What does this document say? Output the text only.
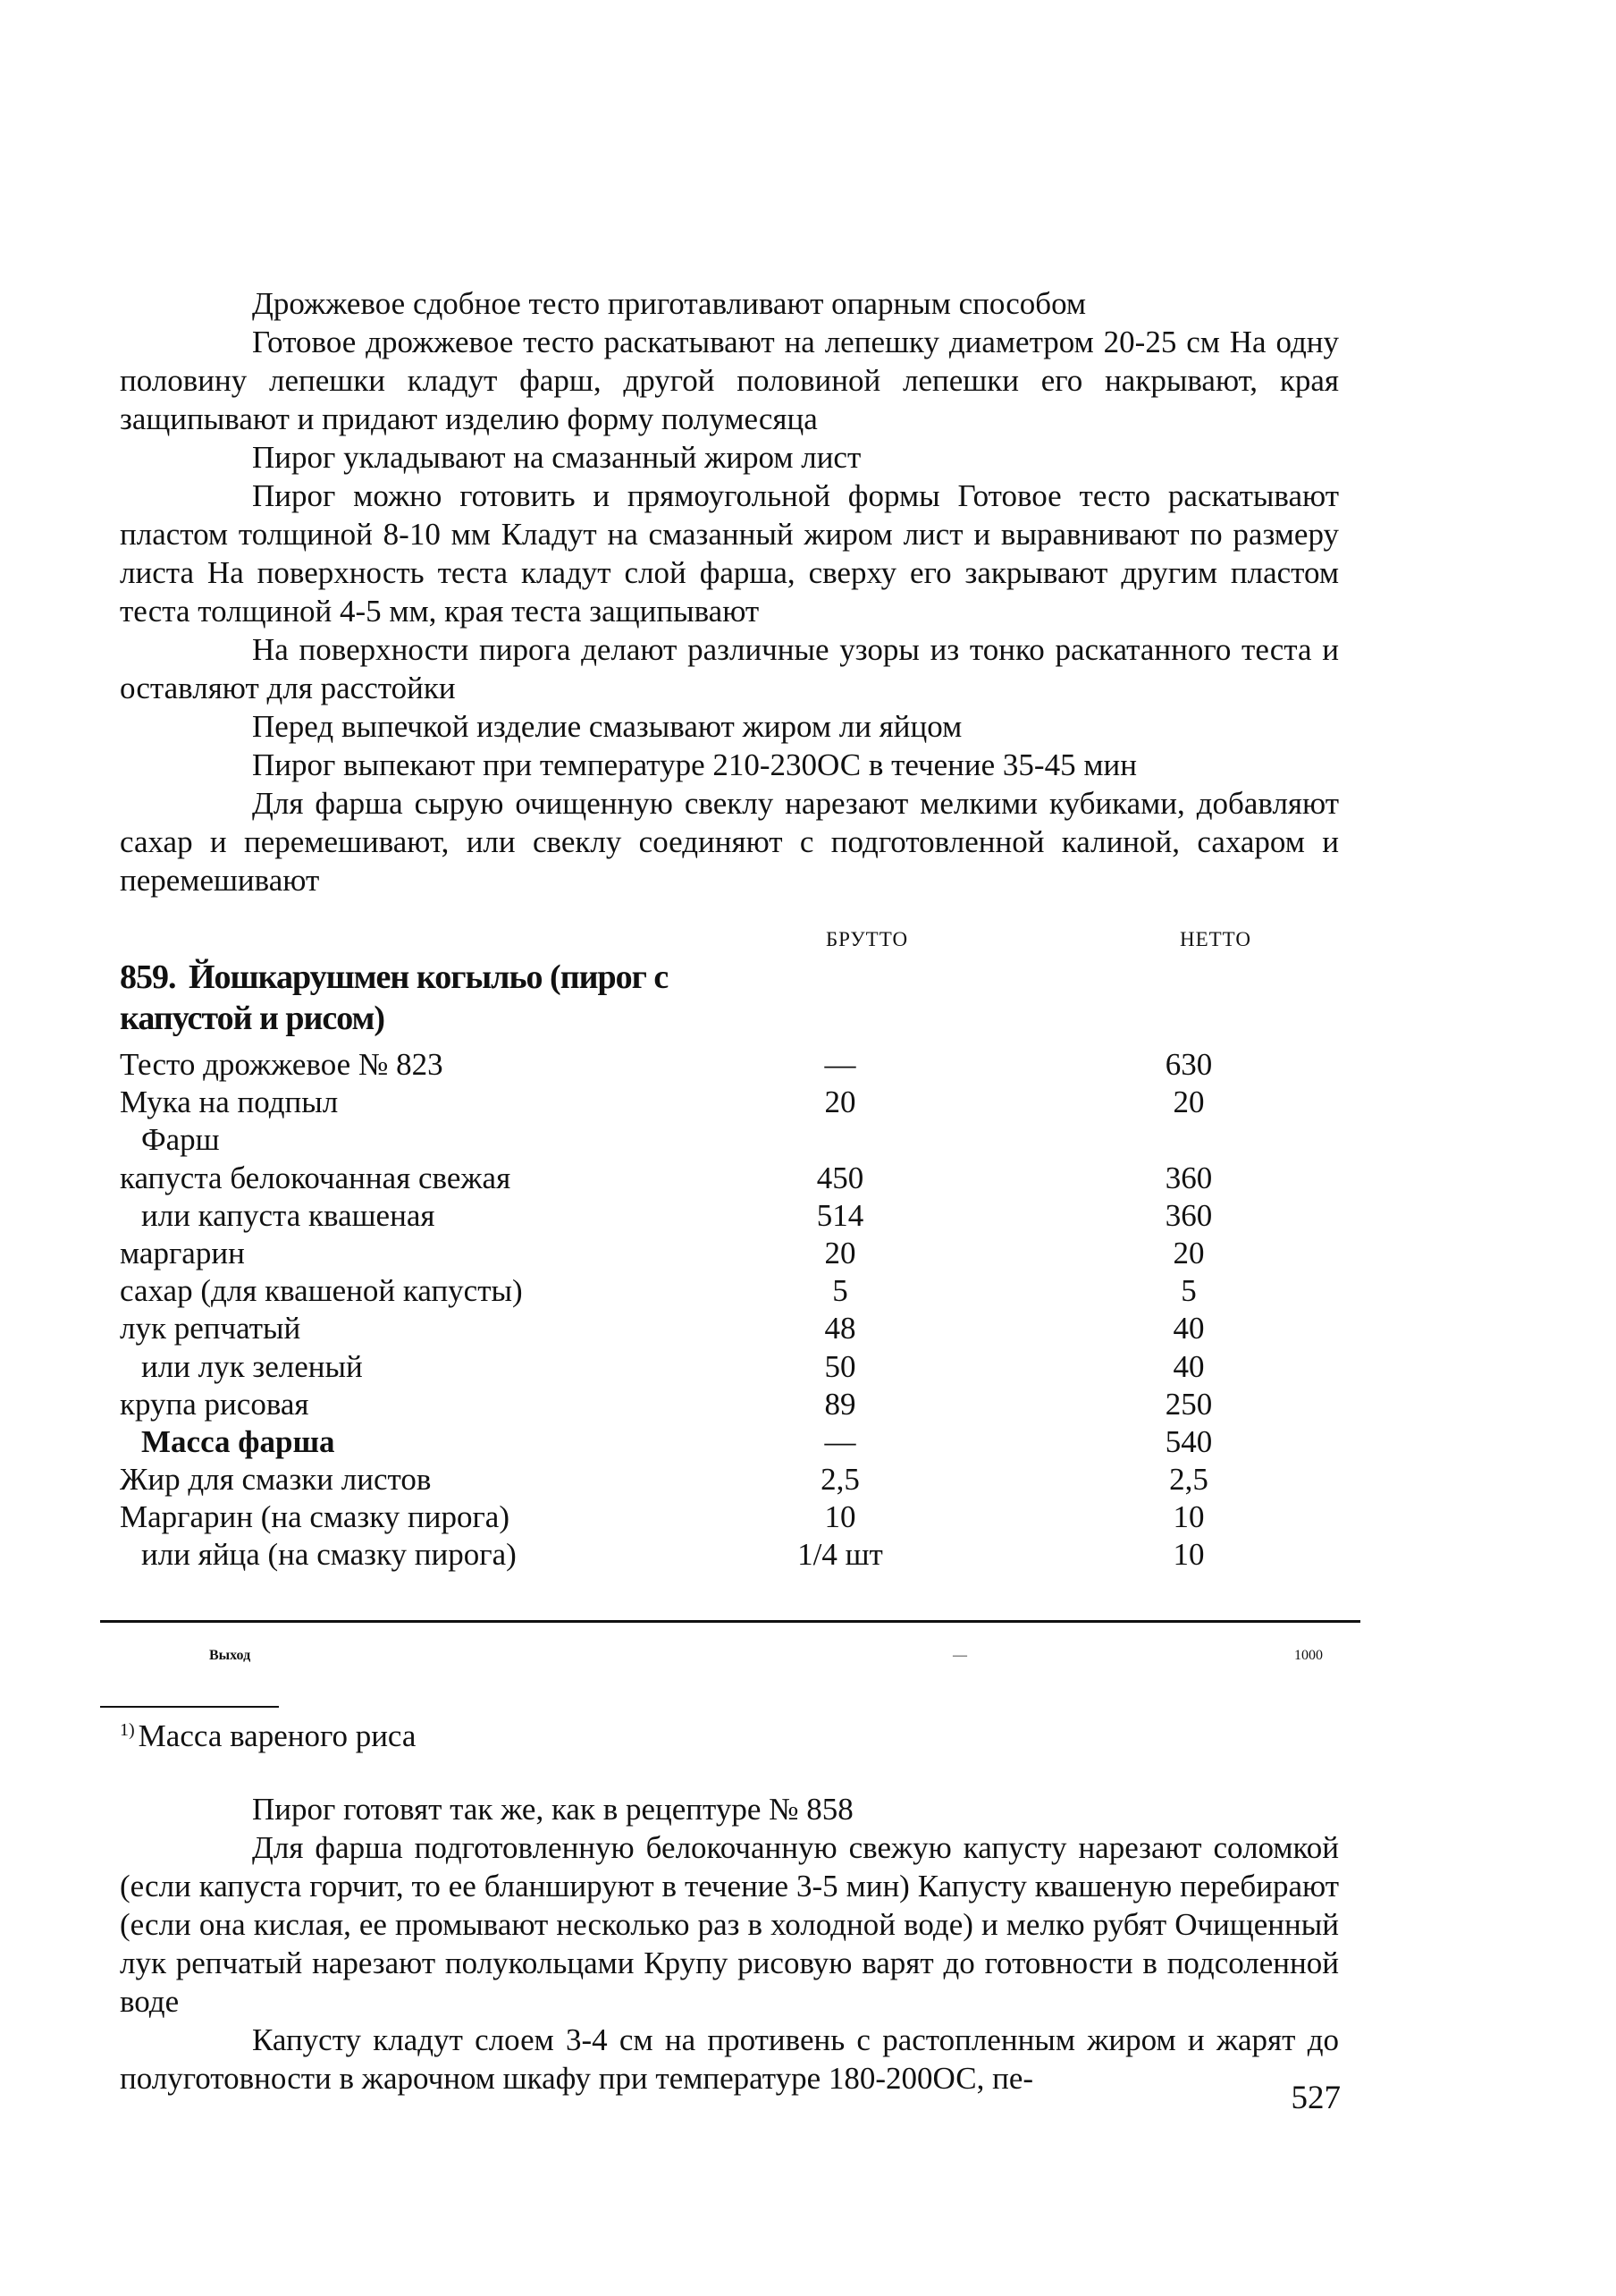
Дрожжевое сдобное тесто приготавливают опарным способом

Готовое дрожжевое тесто раскатывают на лепешку диаметром 20-25 см На одну половину лепешки кладут фарш, другой половиной лепешки его накрывают, края защипывают и придают изделию форму полумесяца

Пирог укладывают на смазанный жиром лист

Пирог можно готовить и прямоугольной формы Готовое тесто раскатывают пластом толщиной 8-10 мм Кладут на смазанный жиром лист и выравнивают по размеру листа На поверхность теста кладут слой фарша, сверху его закрывают другим пластом теста толщиной 4-5 мм, края теста защипывают

На поверхности пирога делают различные узоры из тонко раскатанного теста и оставляют для расстойки

Перед выпечкой изделие смазывают жиром ли яйцом

Пирог выпекают при температуре 210-230ОС в течение 35-45 мин

Для фарша сырую очищенную свеклу нарезают мелкими кубиками, добавляют сахар и перемешивают, или свеклу соединяют с подготовленной калиной, сахаром и перемешивают

БРУТТО	НЕТТО
859. Йошкарушмен когыльо (пирог с капустой и рисом)
Тесто дрожжевое № 823	—	630
Мука на подпыл	20	20
Фарш
капуста белокочанная свежая	450	360
или капуста квашеная	514	360
маргарин	20	20
сахар (для квашеной капусты)	5	5
лук репчатый	48	40
или лук зеленый	50	40
крупа рисовая	89	250
Масса фарша	—	540
Жир для смазки листов	2,5	2,5
Маргарин (на смазку пирога)	10	10
или яйца (на смазку пирога)	1/4 шт	10
Выход	—	1000
$^{1)}$ Масса вареного риса

Пирог готовят так же, как в рецептуре № 858

Для фарша подготовленную белокочанную свежую капусту нарезают соломкой (если капуста горчит, то ее бланшируют в течение 3-5 мин) Капусту квашеную перебирают (если она кислая, ее промывают несколько раз в холодной воде) и мелко рубят Очищенный лук репчатый нарезают полукольцами Крупу рисовую варят до готовности в подсоленной воде

Капусту кладут слоем 3-4 см на противень с растопленным жиром и жарят до полуготовности в жарочном шкафу при температуре 180-200ОС, пе-

527
